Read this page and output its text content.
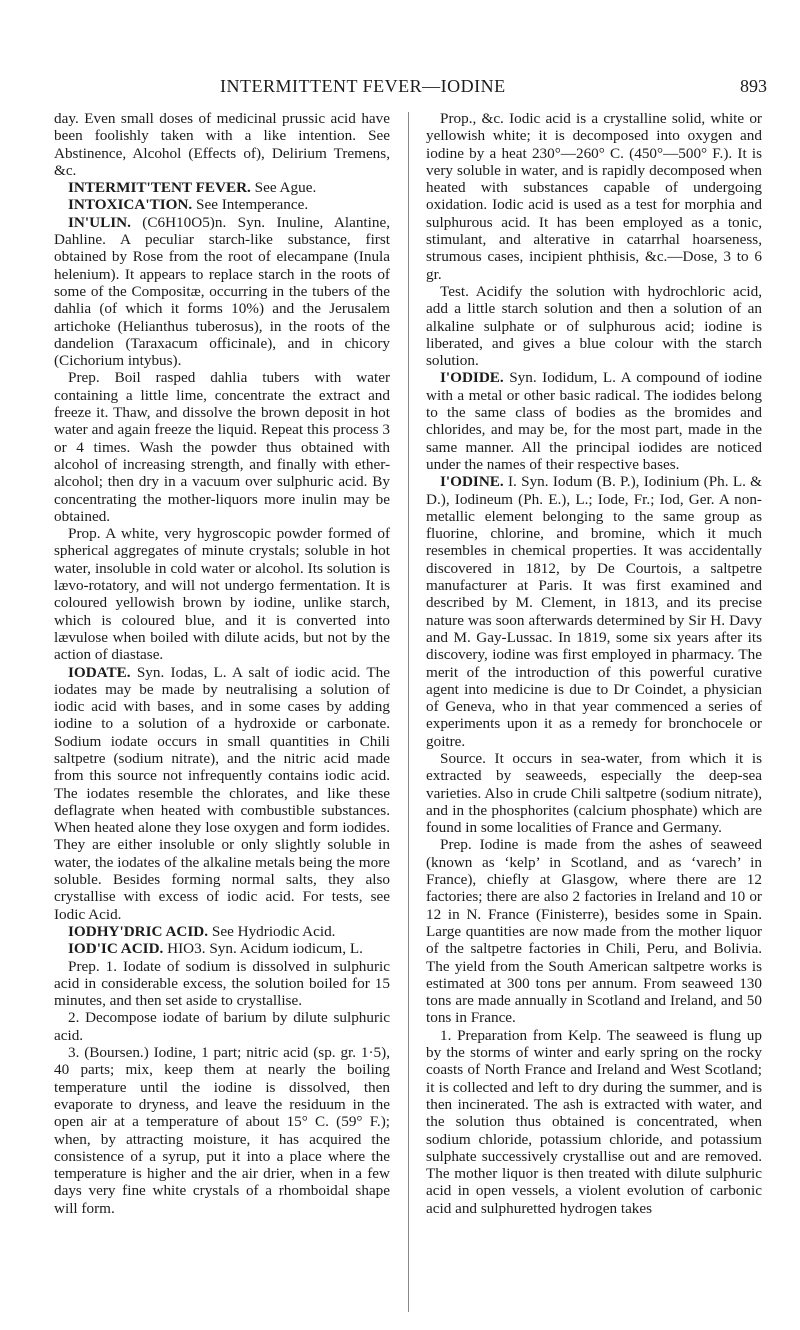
INTERMITTENT FEVER—IODINE	893

day. Even small doses of medicinal prussic acid have been foolishly taken with a like intention. See Abstinence, Alcohol (Effects of), Delirium Tremens, &c.

INTERMIT'TENT FEVER. See Ague.

INTOXICA'TION. See Intemperance.

IN'ULIN. (C6H10O5)n. Syn. Inuline, Alantine, Dahline. A peculiar starch-like substance, first obtained by Rose from the root of elecampane (Inula helenium). It appears to replace starch in the roots of some of the Compositæ, occurring in the tubers of the dahlia (of which it forms 10%) and the Jerusalem artichoke (Helianthus tuberosus), in the roots of the dandelion (Taraxacum officinale), and in chicory (Cichorium intybus).

Prep. Boil rasped dahlia tubers with water containing a little lime, concentrate the extract and freeze it. Thaw, and dissolve the brown deposit in hot water and again freeze the liquid. Repeat this process 3 or 4 times. Wash the powder thus obtained with alcohol of increasing strength, and finally with ether-alcohol; then dry in a vacuum over sulphuric acid. By concentrating the mother-liquors more inulin may be obtained.

Prop. A white, very hygroscopic powder formed of spherical aggregates of minute crystals; soluble in hot water, insoluble in cold water or alcohol. Its solution is lævo-rotatory, and will not undergo fermentation. It is coloured yellowish brown by iodine, unlike starch, which is coloured blue, and it is converted into lævulose when boiled with dilute acids, but not by the action of diastase.

IODATE. Syn. Iodas, L. A salt of iodic acid. The iodates may be made by neutralising a solution of iodic acid with bases, and in some cases by adding iodine to a solution of a hydroxide or carbonate. Sodium iodate occurs in small quantities in Chili saltpetre (sodium nitrate), and the nitric acid made from this source not infrequently contains iodic acid. The iodates resemble the chlorates, and like these deflagrate when heated with combustible substances. When heated alone they lose oxygen and form iodides. They are either insoluble or only slightly soluble in water, the iodates of the alkaline metals being the more soluble. Besides forming normal salts, they also crystallise with excess of iodic acid. For tests, see Iodic Acid.

IODHY'DRIC ACID. See Hydriodic Acid.

IOD'IC ACID. HIO3. Syn. Acidum iodicum, L.

Prep. 1. Iodate of sodium is dissolved in sulphuric acid in considerable excess, the solution boiled for 15 minutes, and then set aside to crystallise.

2. Decompose iodate of barium by dilute sulphuric acid.

3. (Boursen.) Iodine, 1 part; nitric acid (sp. gr. 1·5), 40 parts; mix, keep them at nearly the boiling temperature until the iodine is dissolved, then evaporate to dryness, and leave the residuum in the open air at a temperature of about 15° C. (59° F.); when, by attracting moisture, it has acquired the consistence of a syrup, put it into a place where the temperature is higher and the air drier, when in a few days very fine white crystals of a rhomboidal shape will form.

Prop., &c. Iodic acid is a crystalline solid, white or yellowish white; it is decomposed into oxygen and iodine by a heat 230°—260° C. (450°—500° F.). It is very soluble in water, and is rapidly decomposed when heated with substances capable of undergoing oxidation. Iodic acid is used as a test for morphia and sulphurous acid. It has been employed as a tonic, stimulant, and alterative in catarrhal hoarseness, strumous cases, incipient phthisis, &c.—Dose, 3 to 6 gr.

Test. Acidify the solution with hydrochloric acid, add a little starch solution and then a solution of an alkaline sulphate or of sulphurous acid; iodine is liberated, and gives a blue colour with the starch solution.

I'ODIDE. Syn. Iodidum, L. A compound of iodine with a metal or other basic radical. The iodides belong to the same class of bodies as the bromides and chlorides, and may be, for the most part, made in the same manner. All the principal iodides are noticed under the names of their respective bases.

I'ODINE. I. Syn. Iodum (B. P.), Iodinium (Ph. L. & D.), Iodineum (Ph. E.), L.; Iode, Fr.; Iod, Ger. A non-metallic element belonging to the same group as fluorine, chlorine, and bromine, which it much resembles in chemical properties. It was accidentally discovered in 1812, by De Courtois, a saltpetre manufacturer at Paris. It was first examined and described by M. Clement, in 1813, and its precise nature was soon afterwards determined by Sir H. Davy and M. Gay-Lussac. In 1819, some six years after its discovery, iodine was first employed in pharmacy. The merit of the introduction of this powerful curative agent into medicine is due to Dr Coindet, a physician of Geneva, who in that year commenced a series of experiments upon it as a remedy for bronchocele or goitre.

Source. It occurs in sea-water, from which it is extracted by seaweeds, especially the deep-sea varieties. Also in crude Chili saltpetre (sodium nitrate), and in the phosphorites (calcium phosphate) which are found in some localities of France and Germany.

Prep. Iodine is made from the ashes of seaweed (known as ‘kelp’ in Scotland, and as ‘varech’ in France), chiefly at Glasgow, where there are 12 factories; there are also 2 factories in Ireland and 10 or 12 in N. France (Finisterre), besides some in Spain. Large quantities are now made from the mother liquor of the saltpetre factories in Chili, Peru, and Bolivia. The yield from the South American saltpetre works is estimated at 300 tons per annum. From seaweed 130 tons are made annually in Scotland and Ireland, and 50 tons in France.

1. Preparation from Kelp. The seaweed is flung up by the storms of winter and early spring on the rocky coasts of North France and Ireland and West Scotland; it is collected and left to dry during the summer, and is then incinerated. The ash is extracted with water, and the solution thus obtained is concentrated, when sodium chloride, potassium chloride, and potassium sulphate successively crystallise out and are removed. The mother liquor is then treated with dilute sulphuric acid in open vessels, a violent evolution of carbonic acid and sulphuretted hydrogen takes
